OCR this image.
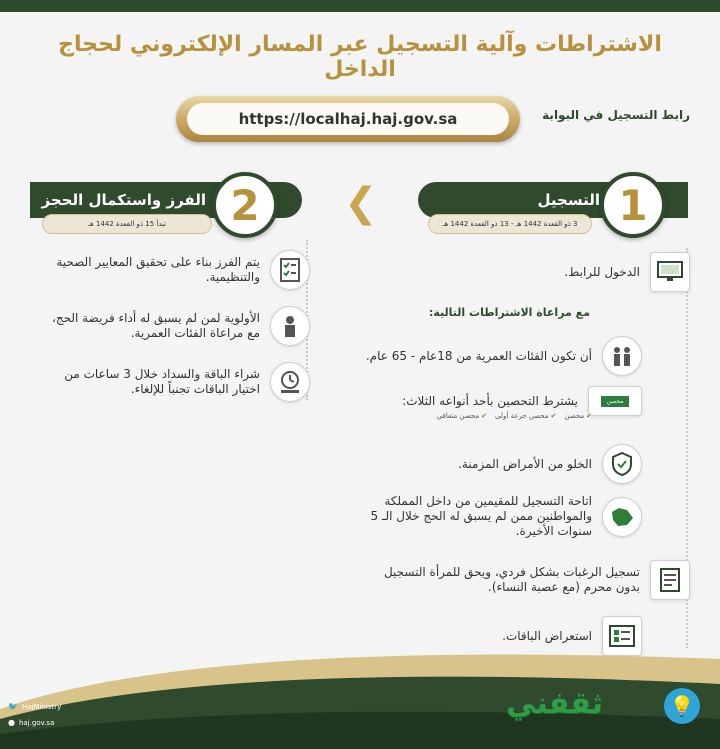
الاشتراطات وآلية التسجيل عبر المسار الإلكتروني لحجاج الداخل
رابط التسجيل في البوابة
https://localhaj.haj.gov.sa
التسجيل
3 ذو القعدة 1442 هـ - 13 ذو القعدة 1442 هـ 1
❮
الفرز واستكمال الحجز
تبدأ 15 ذو القعدة 1442 هـ	2
الدخول للرابط.
مع مراعاة الاشتراطات التالية:
أن تكون الفئات العمرية من 18عام - 65 عام.
محصن
يشترط التحصين بأحد أنواعه الثلاث:
✔محصن
✔محصن جرعة أولى
✔محصن متعافي
الخلو من الأمراض المزمنة.
اتاحة التسجيل للمقيمين من داخل المملكة والمواطنين ممن لم يسبق له الحج خلال الـ 5 سنوات الأخيرة.
تسجيل الرغبات بشكل فردي، ويحق للمرأة التسجيل بدون محرم (مع عصبة النساء).
استعراض الباقات.
يتم الفرز بناء على تحقيق المعايير الصحية والتنظيمية.
الأولوية لمن لم يسبق له أداء فريضة الحج، مع مراعاة الفئات العمرية.
شراء الباقة والسداد خلال 3 ساعات من اختيار الباقات تجنباً للإلغاء.
🐦 HajMinistry
● haj.gov.sa
ثقفني	💡
